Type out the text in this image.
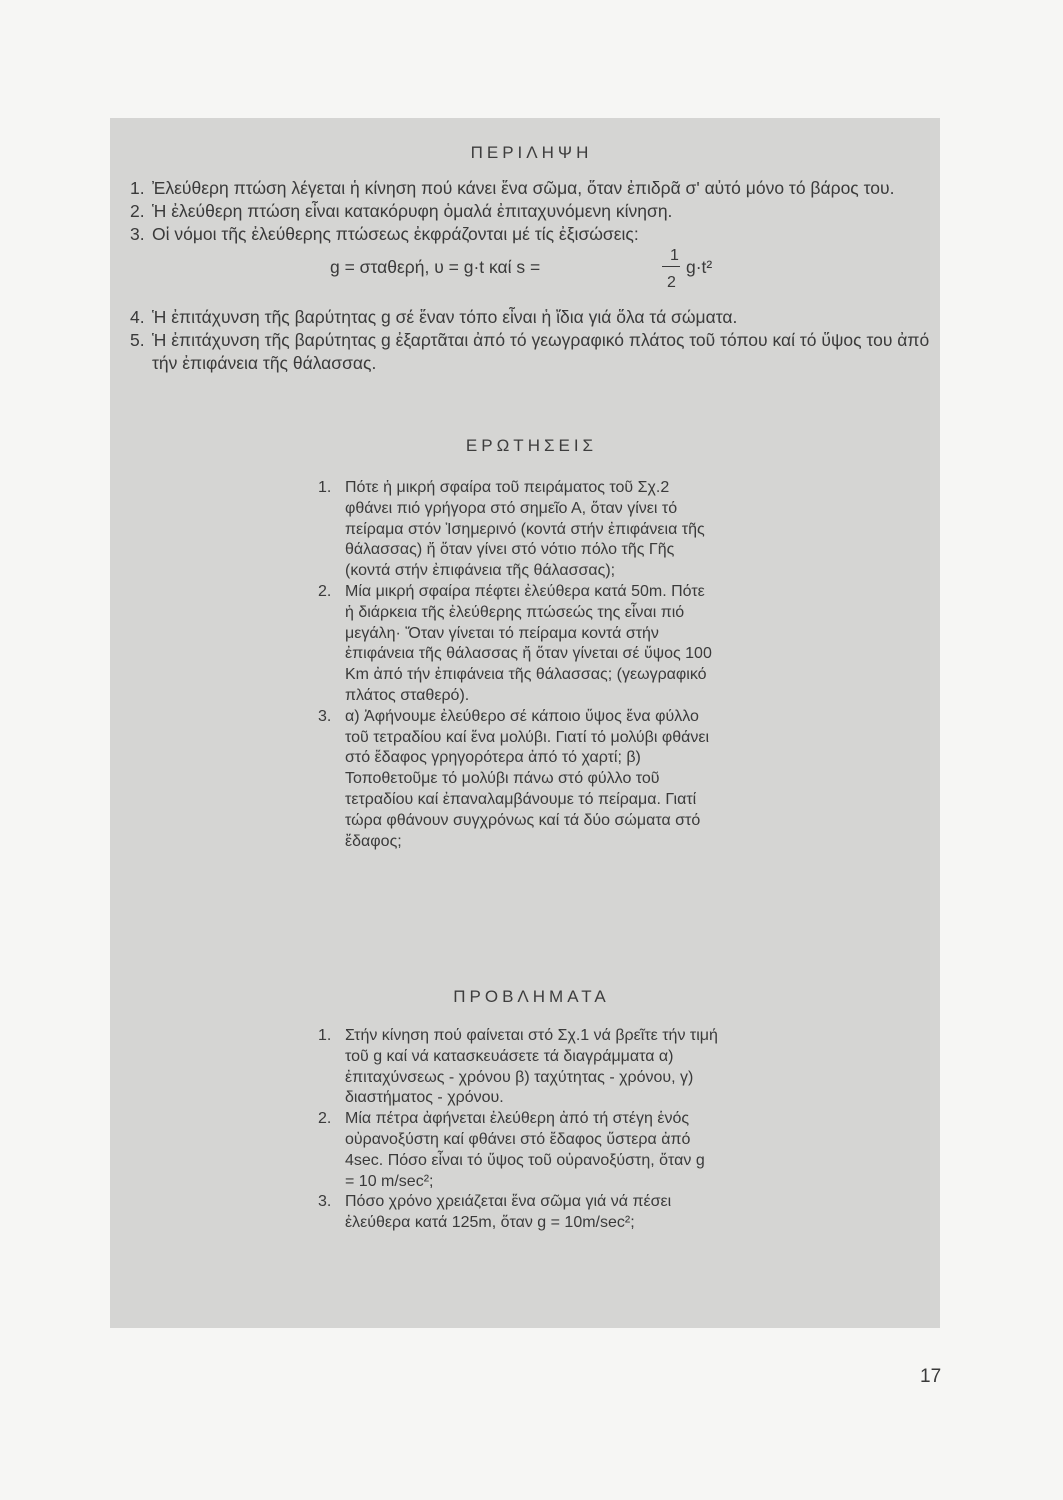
ΠΕΡΙΛΗΨΗ

1. Ἐλεύθερη πτώση λέγεται ἡ κίνηση πού κάνει ἕνα σῶμα, ὅταν ἐπιδρᾶ σ' αὐτό μόνο τό βάρος του.

2. Ἡ ἐλεύθερη πτώση εἶναι κατακόρυφη ὁμαλά ἐπιταχυνόμενη κίνηση.

3. Οἱ νόμοι τῆς ἐλεύθερης πτώσεως ἐκφράζονται μέ τίς ἐξισώσεις:

g = σταθερή, υ = g·t καί s =
1
2
g·t²

4. Ἡ ἐπιτάχυνση τῆς βαρύτητας g σέ ἕναν τόπο εἶναι ἡ ἴδια γιά ὅλα τά σώματα.

5. Ἡ ἐπιτάχυνση τῆς βαρύτητας g ἐξαρτᾶται ἀπό τό γεωγραφικό πλάτος τοῦ τόπου καί τό ὕψος του ἀπό τήν ἐπιφάνεια τῆς θάλασσας.

ΕΡΩΤΗΣΕΙΣ

1. Πότε ἡ μικρή σφαίρα τοῦ πειράματος τοῦ Σχ.2 φθάνει πιό γρήγορα στό σημεῖο Α, ὅταν γίνει τό πείραμα στόν Ἰσημερινό (κοντά στήν ἐπιφάνεια τῆς θάλασσας) ἤ ὅταν γίνει στό νότιο πόλο τῆς Γῆς (κοντά στήν ἐπιφάνεια τῆς θάλασσας);

2. Μία μικρή σφαίρα πέφτει ἐλεύθερα κατά 50m. Πότε ἡ διάρκεια τῆς ἐλεύθερης πτώσεώς της εἶναι πιό μεγάλη· Ὅταν γίνεται τό πείραμα κοντά στήν ἐπιφάνεια τῆς θάλασσας ἤ ὅταν γίνεται σέ ὕψος 100 Km ἀπό τήν ἐπιφάνεια τῆς θάλασσας; (γεωγραφικό πλάτος σταθερό).

3. α) Ἀφήνουμε ἐλεύθερο σέ κάποιο ὕψος ἕνα φύλλο τοῦ τετραδίου καί ἕνα μολύβι. Γιατί τό μολύβι φθάνει στό ἔδαφος γρηγορότερα ἀπό τό χαρτί; β) Τοποθετοῦμε τό μολύβι πάνω στό φύλλο τοῦ τετραδίου καί ἐπαναλαμβάνουμε τό πείραμα. Γιατί τώρα φθάνουν συγχρόνως καί τά δύο σώματα στό ἔδαφος;

ΠΡΟΒΛΗΜΑΤΑ

1. Στήν κίνηση πού φαίνεται στό Σχ.1 νά βρεῖτε τήν τιμή τοῦ g καί νά κατασκευάσετε τά διαγράμματα α) ἐπιταχύνσεως - χρόνου β) ταχύτητας - χρόνου, γ) διαστήματος - χρόνου.

2. Μία πέτρα ἀφήνεται ἐλεύθερη ἀπό τή στέγη ἑνός οὐρανοξύστη καί φθάνει στό ἔδαφος ὕστερα ἀπό 4sec. Πόσο εἶναι τό ὕψος τοῦ οὐρανοξύστη, ὅταν g = 10 m/sec²;

3. Πόσο χρόνο χρειάζεται ἕνα σῶμα γιά νά πέσει ἐλεύθερα κατά 125m, ὅταν g = 10m/sec²;

17
